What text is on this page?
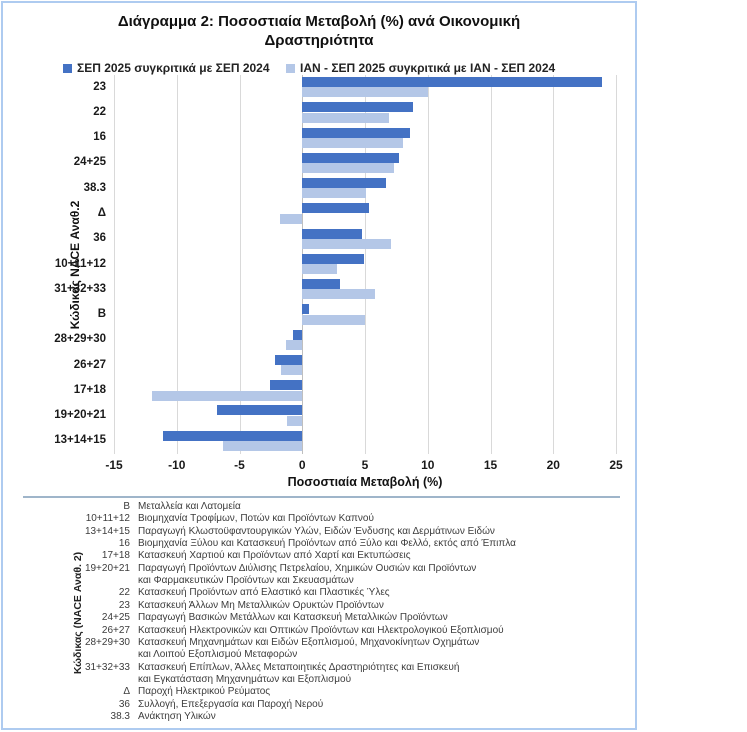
Διάγραμμα 2: Ποσοστιαία Μεταβολή (%) ανά Οικονομική
Δραστηριότητα
ΣΕΠ 2025 συγκριτικά με ΣΕΠ 2024	ΙΑΝ - ΣΕΠ 2025 συγκριτικά με ΙΑΝ - ΣΕΠ 2024
Κώδικας NACE Αναθ.2
23
22
16
24+25
38.3
Δ
36
10+11+12
31+32+33
B
28+29+30
26+27
17+18
19+20+21
13+14+15
-15	-10	-5	0	5	10	15	20	25
Ποσοστιαία Μεταβολή (%)
Κώδικας (NACE Αναθ. 2)
B Μεταλλεία και Λατομεία
10+11+12 Βιομηχανία Τροφίμων, Ποτών και Προϊόντων Καπνού
13+14+15 Παραγωγή Κλωστοϋφαντουργικών Υλών, Ειδών Ένδυσης και Δερμάτινων Ειδών
16 Βιομηχανία Ξύλου και Κατασκευή Προϊόντων από Ξύλο και Φελλό, εκτός από Έπιπλα
17+18 Κατασκευή Χαρτιού και Προϊόντων από Χαρτί και Εκτυπώσεις
19+20+21 Παραγωγή Προϊόντων Διύλισης Πετρελαίου, Χημικών Ουσιών και Προϊόντων
και Φαρμακευτικών Προϊόντων και Σκευασμάτων
22 Κατασκευή Προϊόντων από Ελαστικό και Πλαστικές Ύλες
23 Κατασκευή Άλλων Μη Μεταλλικών Ορυκτών Προϊόντων
24+25 Παραγωγή Βασικών Μετάλλων και Κατασκευή Μεταλλικών Προϊόντων
26+27 Κατασκευή Ηλεκτρονικών και Οπτικών Προϊόντων και Ηλεκτρολογικού Εξοπλισμού
28+29+30 Κατασκευή Μηχανημάτων και Ειδών Εξοπλισμού, Μηχανοκίνητων Οχημάτων
και Λοιπού Εξοπλισμού Μεταφορών
31+32+33 Κατασκευή Επίπλων, Άλλες Μεταποιητικές Δραστηριότητες και Επισκευή
και Εγκατάσταση Μηχανημάτων και Εξοπλισμού
Δ Παροχή Ηλεκτρικού Ρεύματος
36 Συλλογή, Επεξεργασία και Παροχή Νερού
38.3 Ανάκτηση Υλικών
